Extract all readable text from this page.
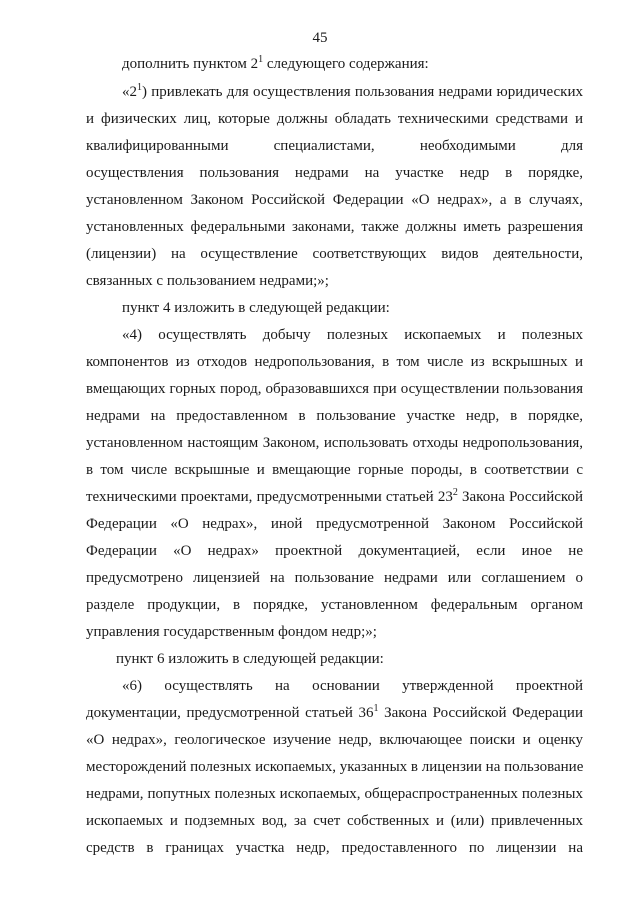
45
дополнить пунктом $2^1$ следующего содержания:
«$2^1$) привлекать для осуществления пользования недрами юридических
и физических лиц, которые должны обладать техническими средствами и
квалифицированными специалистами, необходимыми для
осуществления пользования недрами на участке недр в порядке,
установленном Законом Российской Федерации «О недрах», а в случаях,
установленных федеральными законами, также должны иметь разрешения
(лицензии) на осуществление соответствующих видов деятельности,
связанных с пользованием недрами;»;
пункт 4 изложить в следующей редакции:
«4) осуществлять добычу полезных ископаемых и полезных
компонентов из отходов недропользования, в том числе из вскрышных и
вмещающих горных пород, образовавшихся при осуществлении пользования
недрами на предоставленном в пользование участке недр, в порядке,
установленном настоящим Законом, использовать отходы недропользования,
в том числе вскрышные и вмещающие горные породы, в соответствии с
техническими проектами, предусмотренными статьей $23^2$ Закона Российской
Федерации «О недрах», иной предусмотренной Законом Российской
Федерации «О недрах» проектной документацией, если иное не
предусмотрено лицензией на пользование недрами или соглашением о
разделе продукции, в порядке, установленном федеральным органом
управления государственным фондом недр;»;
пункт 6 изложить в следующей редакции:
«6) осуществлять на основании утвержденной проектной
документации, предусмотренной статьей $36^1$ Закона Российской Федерации
«О недрах», геологическое изучение недр, включающее поиски и оценку
месторождений полезных ископаемых, указанных в лицензии на пользование
недрами, попутных полезных ископаемых, общераспространенных полезных
ископаемых и подземных вод, за счет собственных и (или) привлеченных
средств в границах участка недр, предоставленного по лицензии на
